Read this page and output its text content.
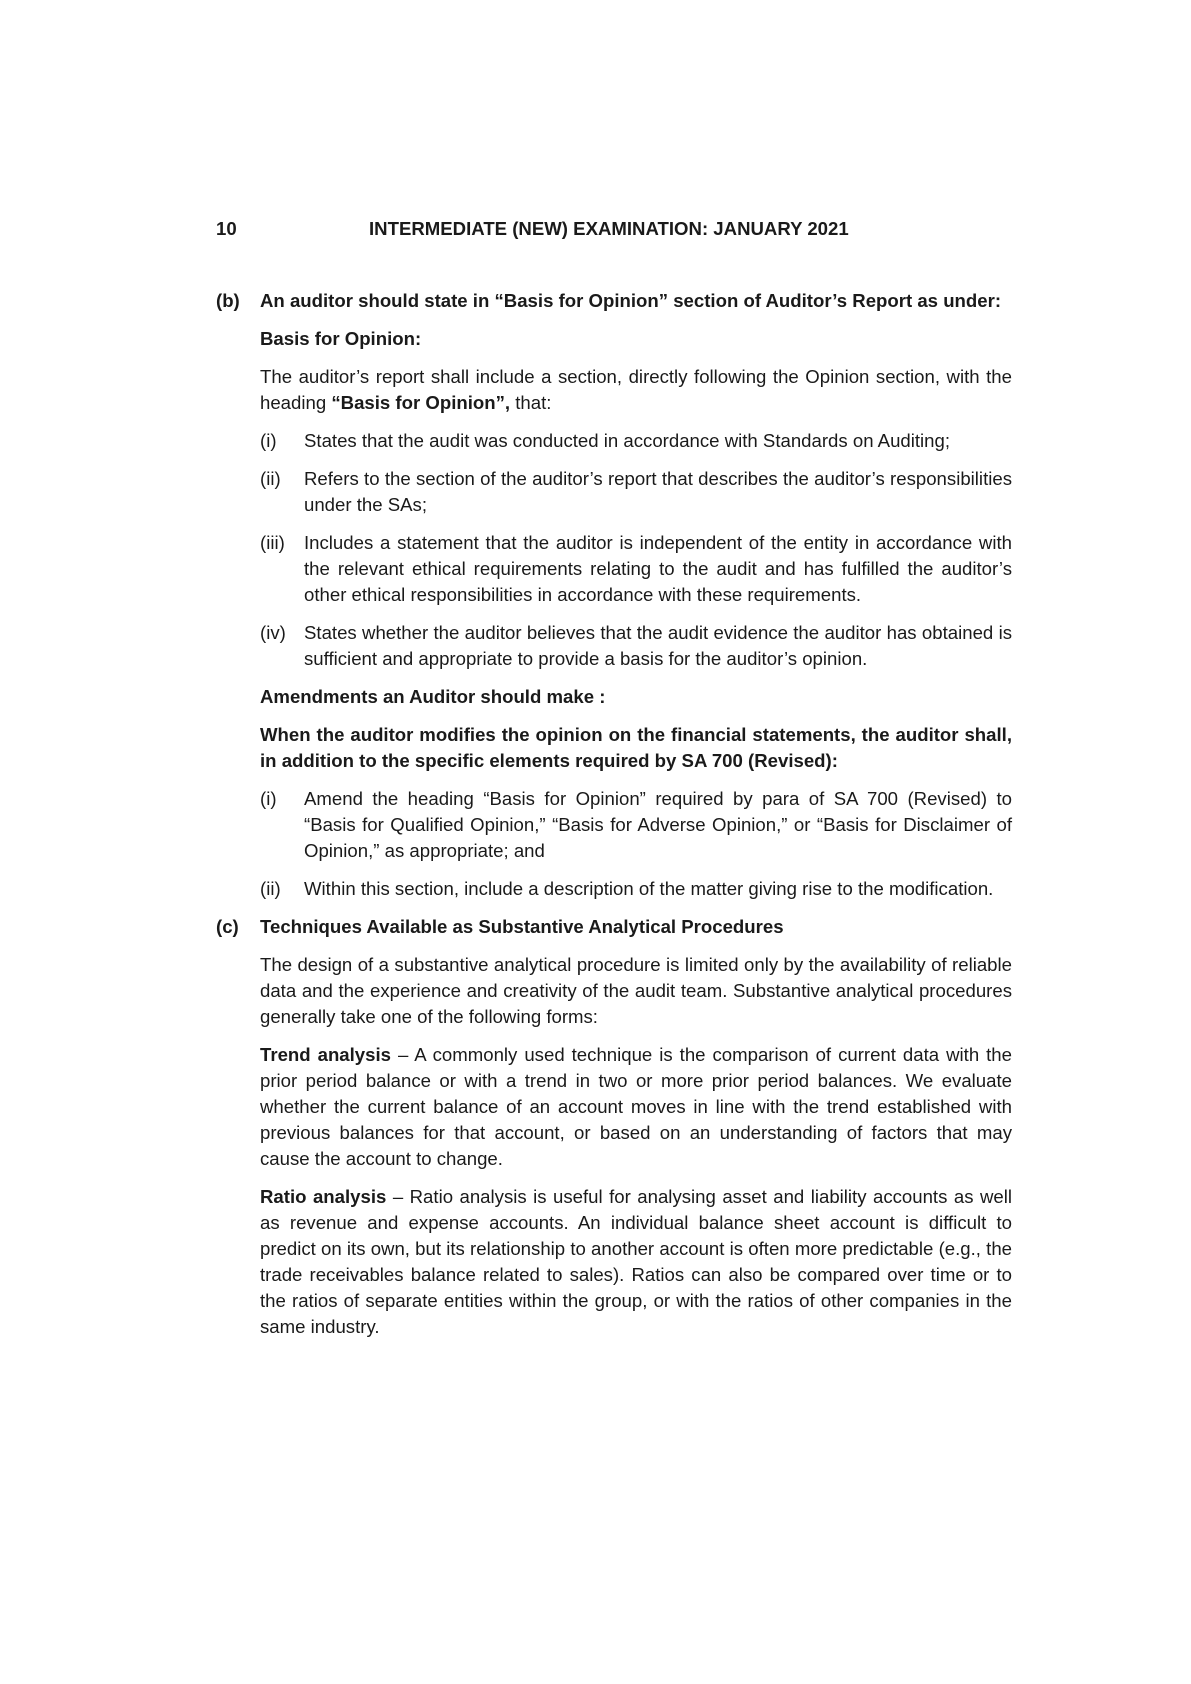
10	INTERMEDIATE (NEW) EXAMINATION: JANUARY 2021
(b) An auditor should state in “Basis for Opinion” section of Auditor’s Report as under:
Basis for Opinion:

The auditor’s report shall include a section, directly following the Opinion section, with the heading “Basis for Opinion”, that:

(i) States that the audit was conducted in accordance with Standards on Auditing;
(ii) Refers to the section of the auditor’s report that describes the auditor’s responsibilities under the SAs;
(iii) Includes a statement that the auditor is independent of the entity in accordance with the relevant ethical requirements relating to the audit and has fulfilled the auditor’s other ethical responsibilities in accordance with these requirements.
(iv) States whether the auditor believes that the audit evidence the auditor has obtained is sufficient and appropriate to provide a basis for the auditor’s opinion.
Amendments an Auditor should make :

When the auditor modifies the opinion on the financial statements, the auditor shall, in addition to the specific elements required by SA 700 (Revised):

(i) Amend the heading “Basis for Opinion” required by para of SA 700 (Revised) to “Basis for Qualified Opinion,” “Basis for Adverse Opinion,” or “Basis for Disclaimer of Opinion,” as appropriate; and
(ii) Within this section, include a description of the matter giving rise to the modification.
(c) Techniques Available as Substantive Analytical Procedures

The design of a substantive analytical procedure is limited only by the availability of reliable data and the experience and creativity of the audit team. Substantive analytical procedures generally take one of the following forms:

Trend analysis – A commonly used technique is the comparison of current data with the prior period balance or with a trend in two or more prior period balances. We evaluate whether the current balance of an account moves in line with the trend established with previous balances for that account, or based on an understanding of factors that may cause the account to change.

Ratio analysis – Ratio analysis is useful for analysing asset and liability accounts as well as revenue and expense accounts. An individual balance sheet account is difficult to predict on its own, but its relationship to another account is often more predictable (e.g., the trade receivables balance related to sales). Ratios can also be compared over time or to the ratios of separate entities within the group, or with the ratios of other companies in the same industry.
